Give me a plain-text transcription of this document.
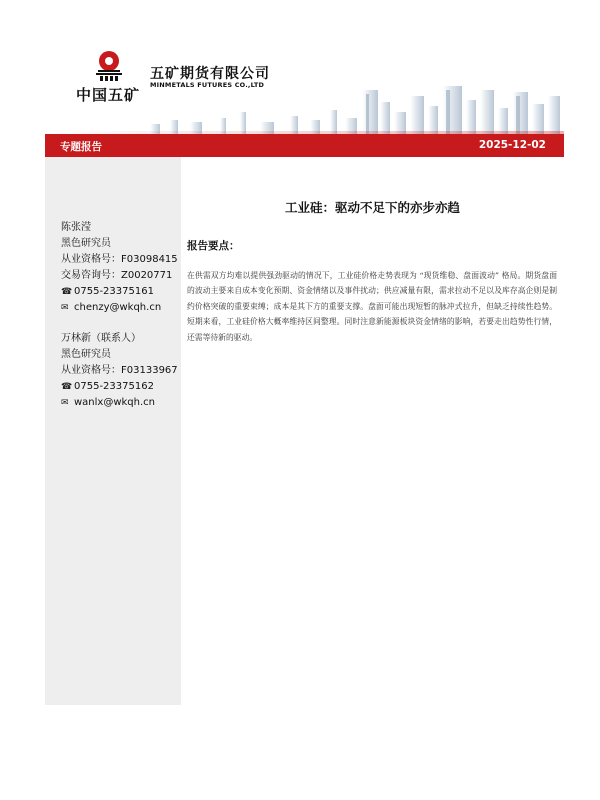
中国五矿
五矿期货有限公司
MINMETALS FUTURES CO.,LTD
专题报告	2025-12-02
陈张滢
黑色研究员
从业资格号：F03098415
交易咨询号：Z0020771
☎ 0755-23375161
✉ chenzy@wkqh.cn
万林新（联系人）
黑色研究员
从业资格号：F03133967
☎ 0755-23375162
✉ wanlx@wkqh.cn
工业硅：驱动不足下的亦步亦趋
报告要点：
在供需双方均难以提供强劲驱动的情况下，工业硅价格走势表现为 “现货维稳、盘面波动” 格局。期货盘面的波动主要来自成本变化预期、资金情绪以及事件扰动；供应减量有限，需求拉动不足以及库存高企则是制约价格突破的重要束缚；成本是其下方的重要支撑。盘面可能出现短暂的脉冲式拉升，但缺乏持续性趋势。短期来看，工业硅价格大概率维持区间整理。同时注意新能源板块资金情绪的影响，若要走出趋势性行情，还需等待新的驱动。
